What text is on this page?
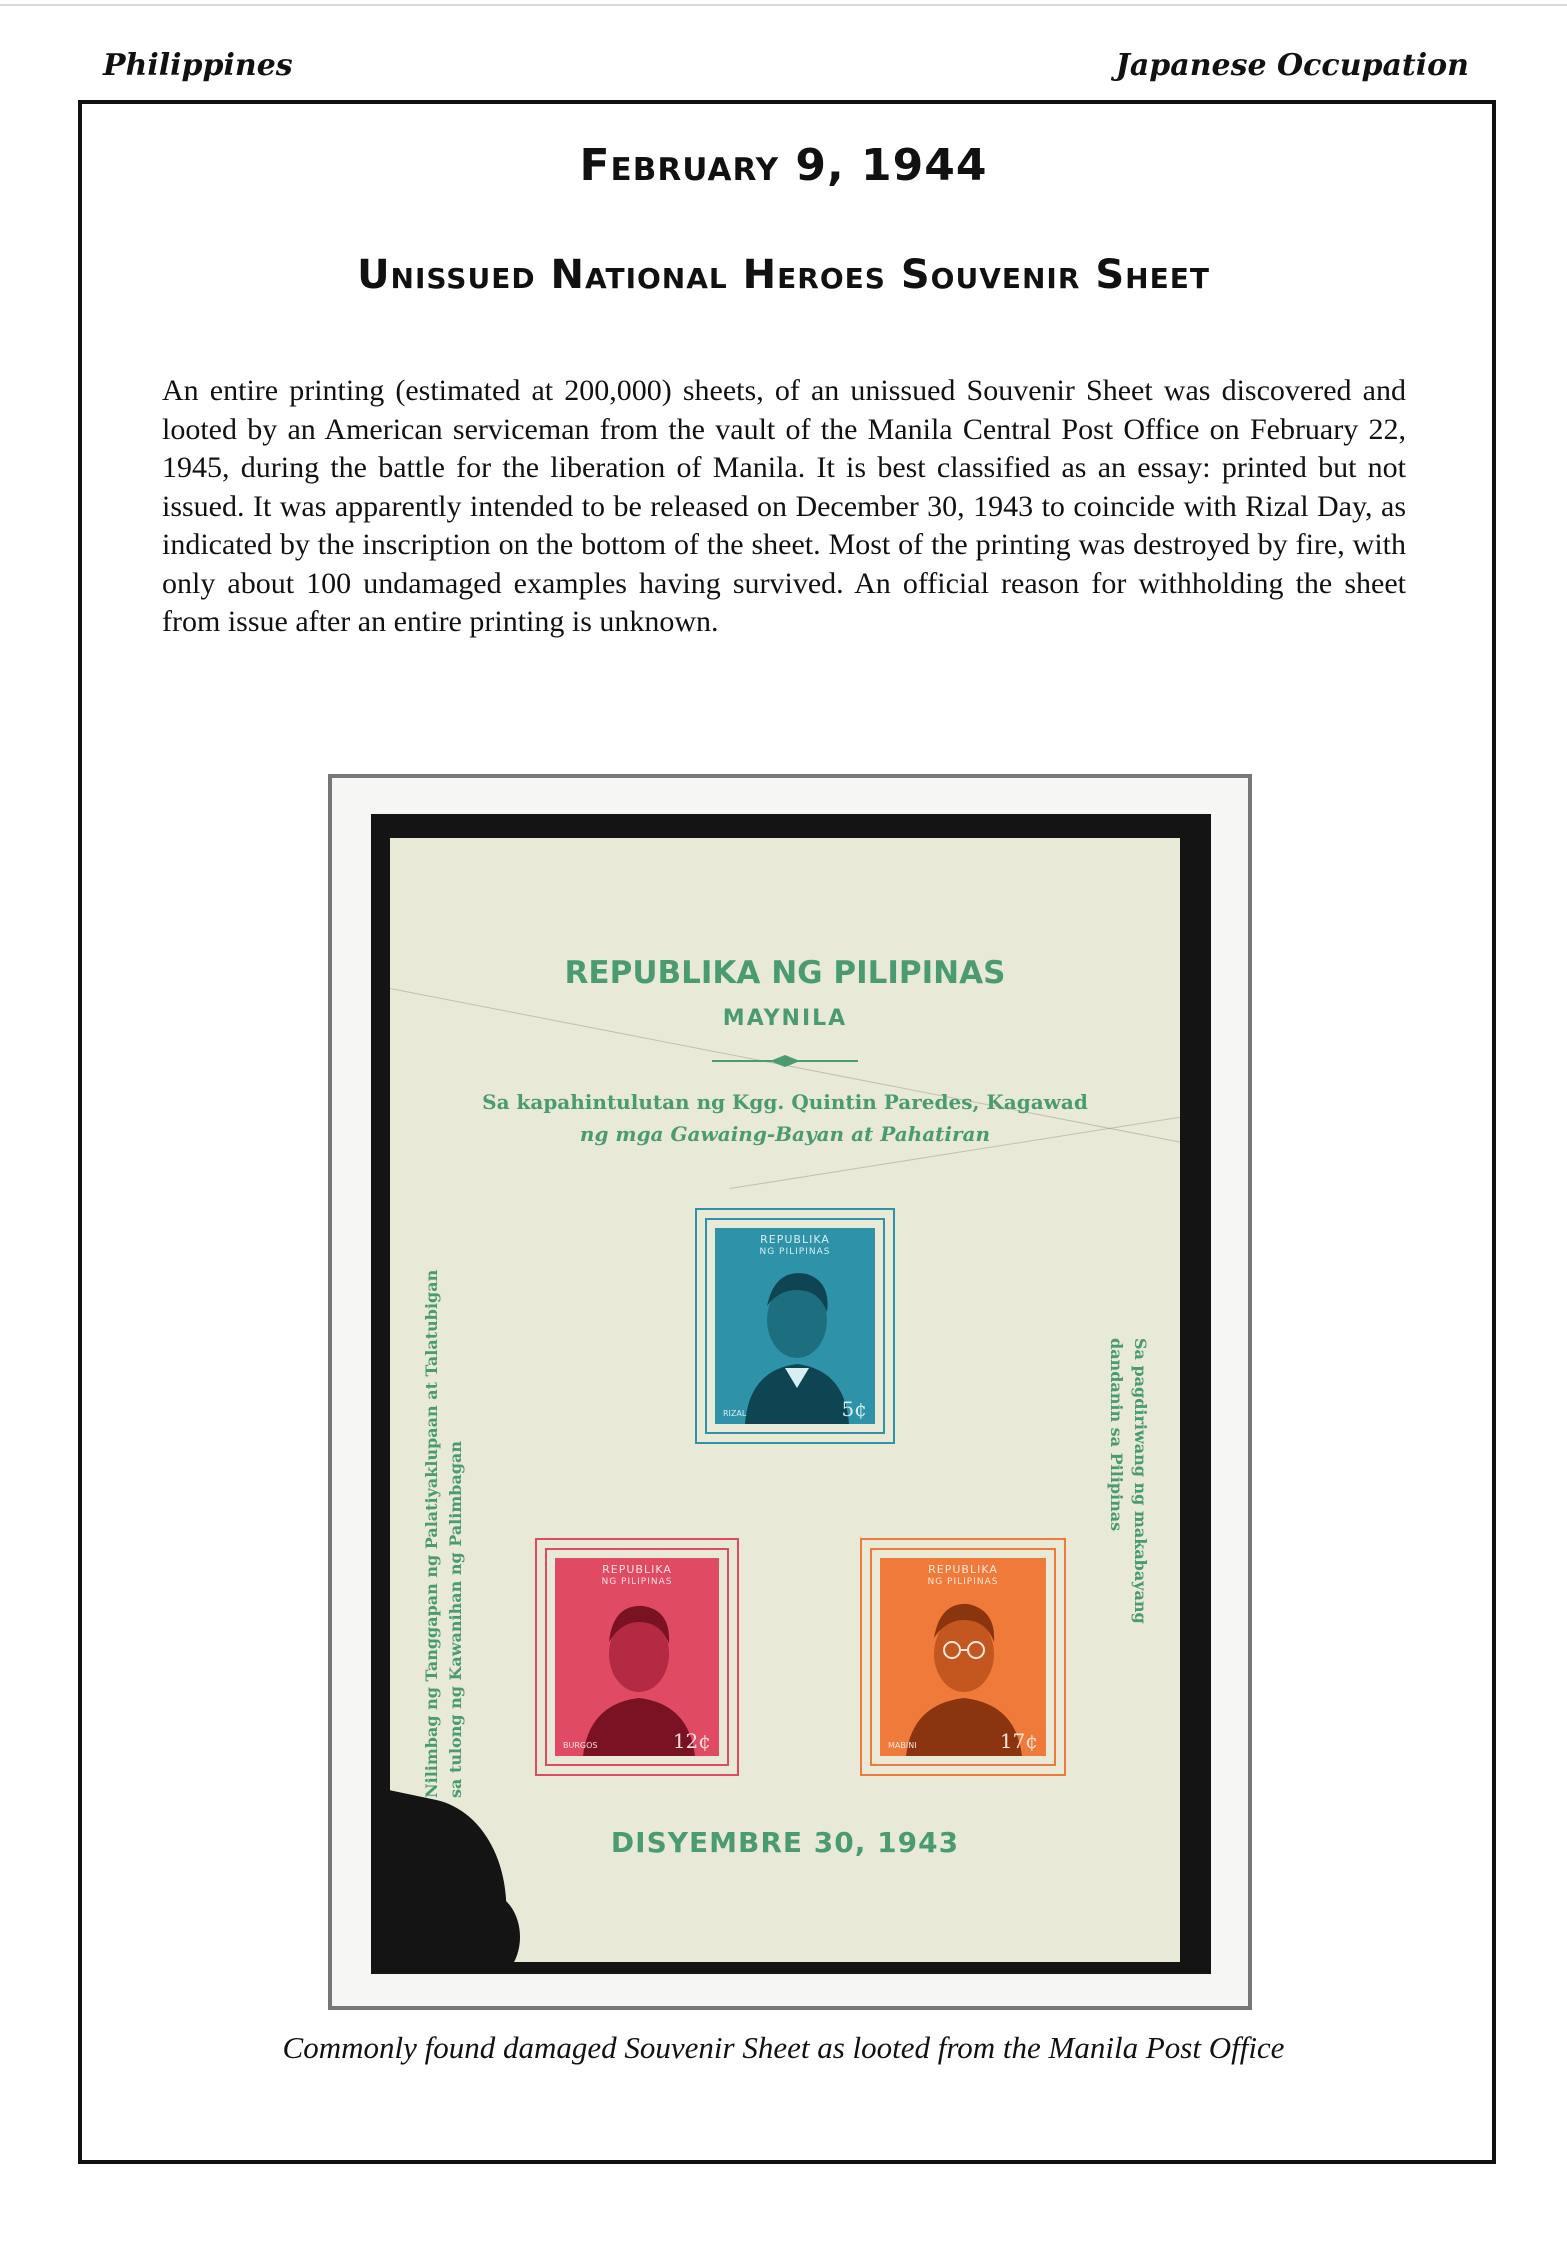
Philippines	Japanese Occupation
February 9, 1944
Unissued National Heroes Souvenir Sheet
An entire printing (estimated at 200,000) sheets, of an unissued Souvenir Sheet was discovered and looted by an American serviceman from the vault of the Manila Central Post Office on February 22, 1945, during the battle for the liberation of Manila. It is best classified as an essay: printed but not issued. It was apparently intended to be released on December 30, 1943 to coincide with Rizal Day, as indicated by the inscription on the bottom of the sheet. Most of the printing was destroyed by fire, with only about 100 undamaged examples having survived. An official reason for withholding the sheet from issue after an entire printing is unknown.
REPUBLIKA NG PILIPINAS
MAYNILA
Sa kapahintulutan ng Kgg. Quintin Paredes, Kagawad
ng mga Gawaing-Bayan at Pahatiran
Nilimbag ng Tanggapan ng Palatiyaklupaan at Talatubigan sa tulong ng Kawanihan ng Palimbagan	Sa pagdiriwang ng makabayang
dandanin sa Pilipinas
REPUBLIKA
NG PILIPINAS
RIZAL	5¢
REPUBLIKA
NG PILIPINAS
BURGOS	12¢
REPUBLIKA
NG PILIPINAS
MABINI	17¢
DISYEMBRE 30, 1943
Commonly found damaged Souvenir Sheet as looted from the Manila Post Office
